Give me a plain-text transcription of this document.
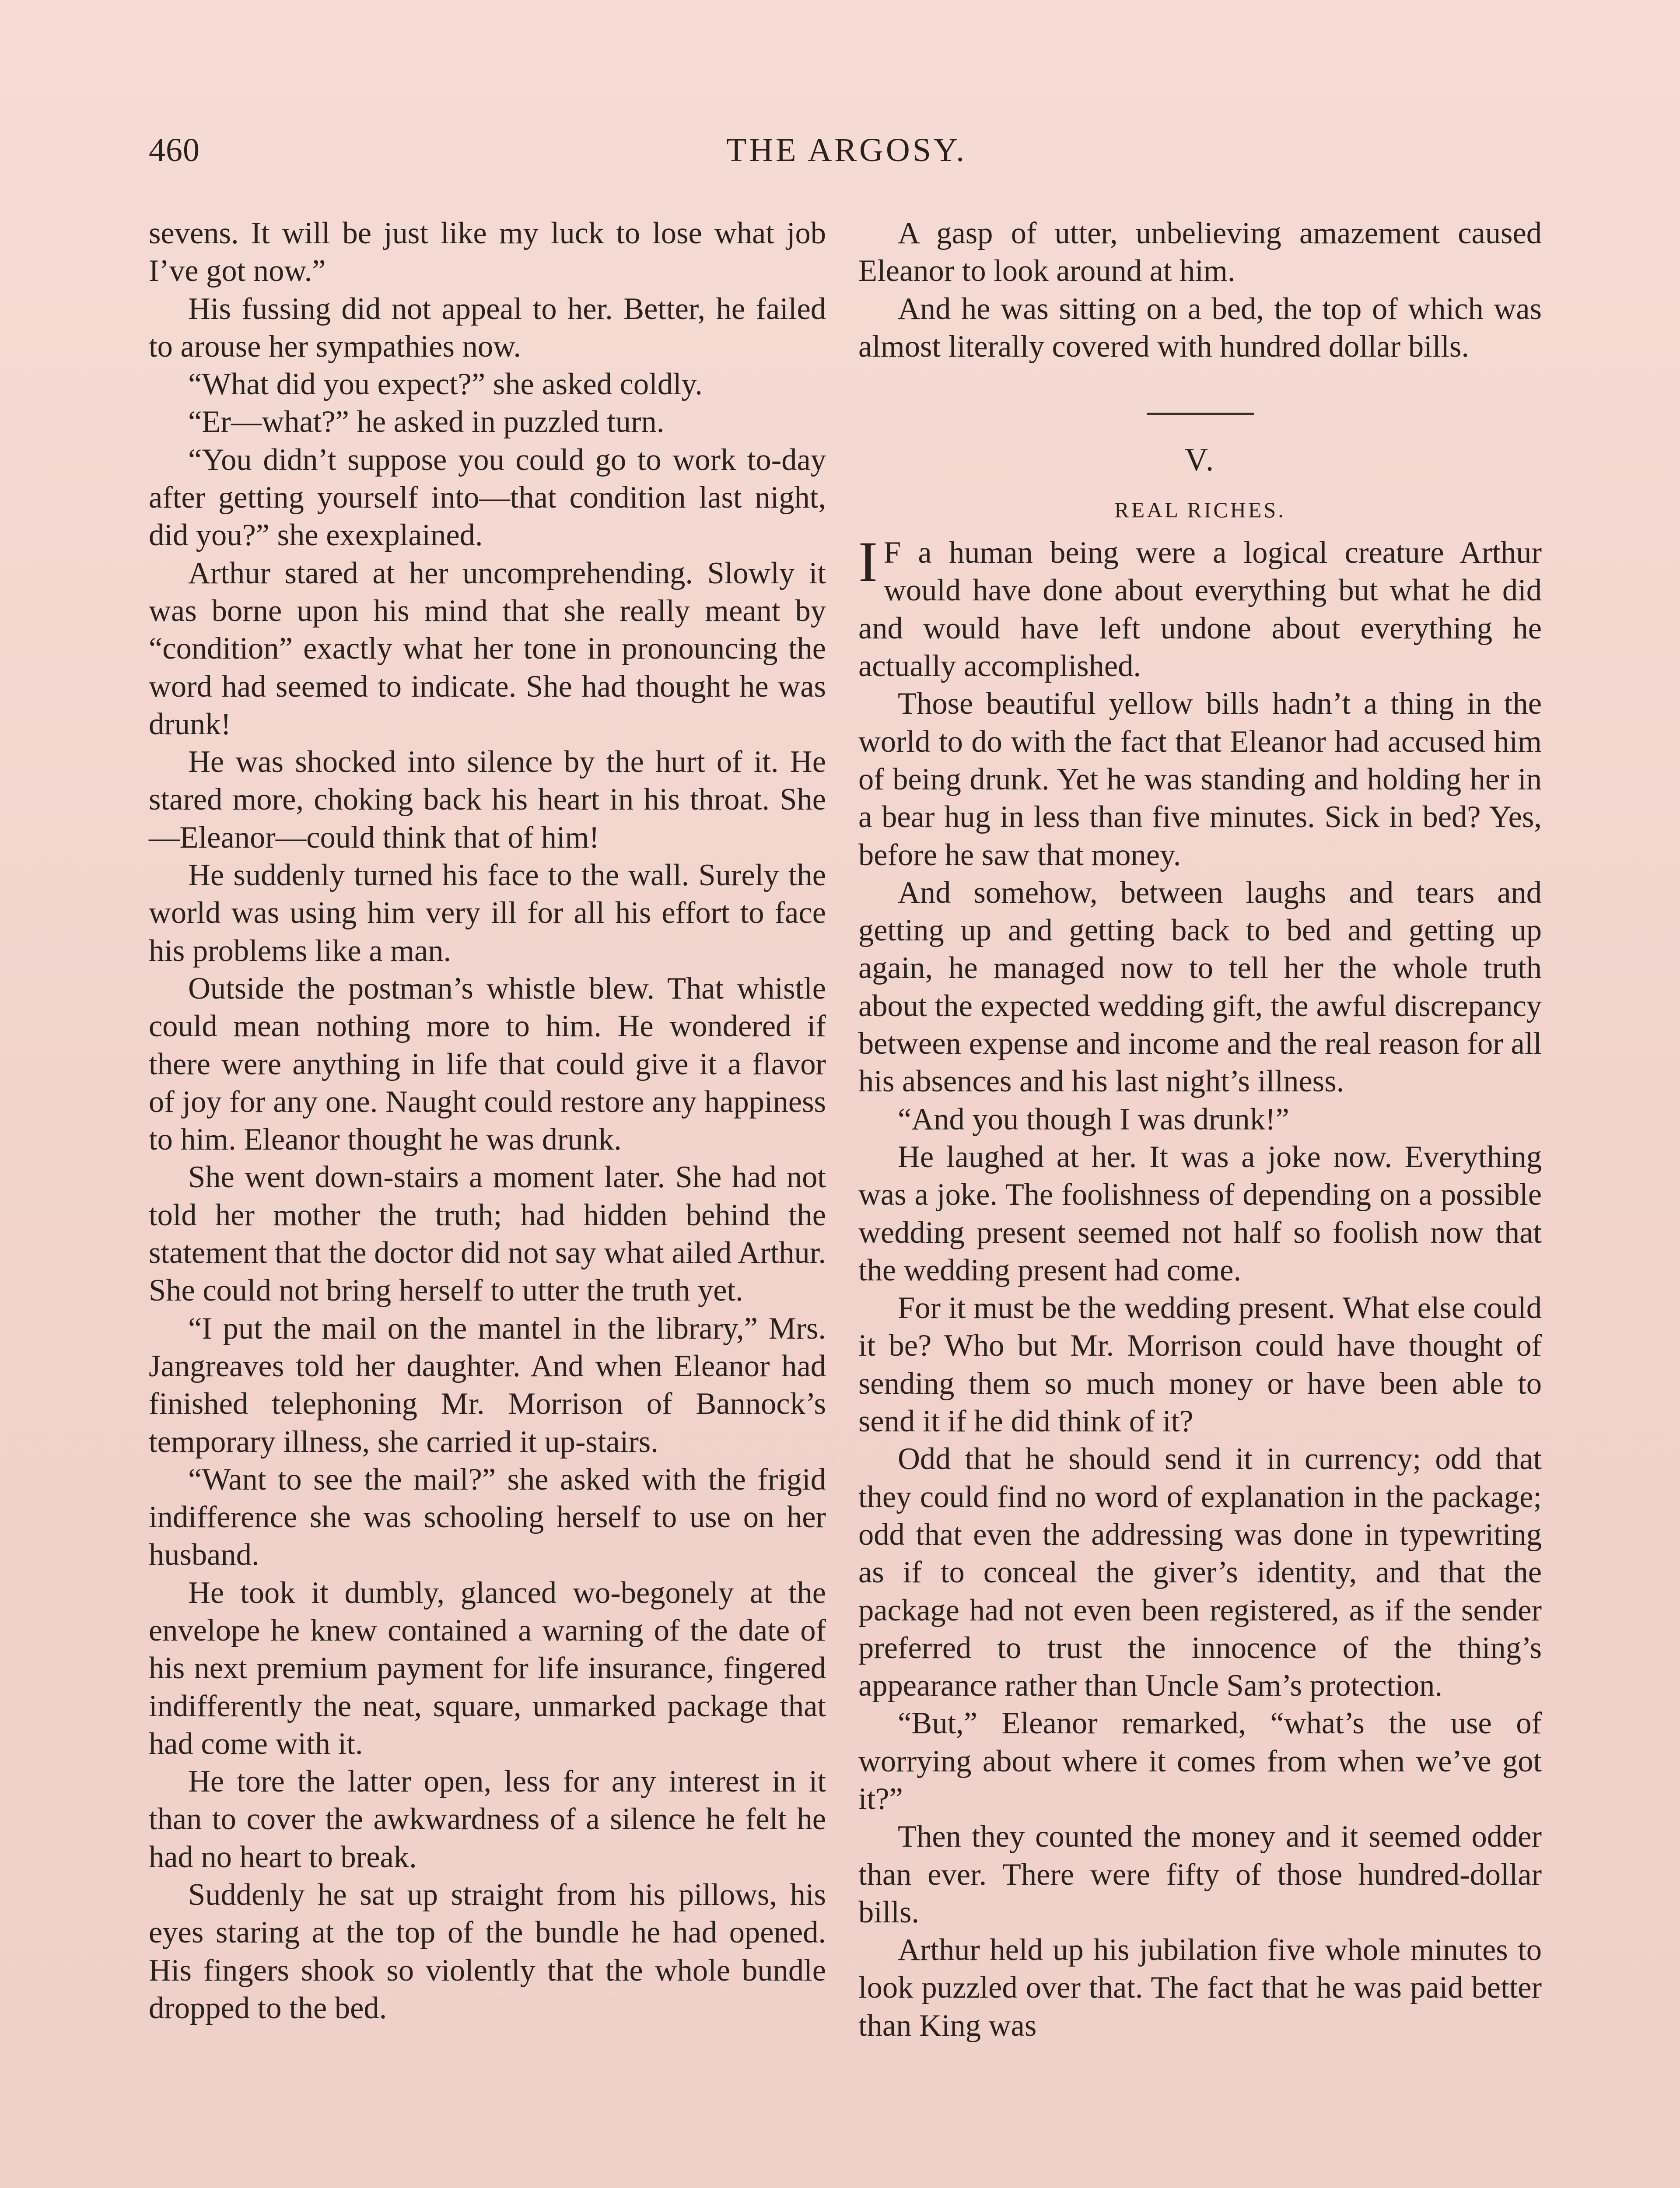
460	THE ARGOSY.

sevens. It will be just like my luck to lose what job I’ve got now.”

His fussing did not appeal to her. Better, he failed to arouse her sympathies now.

“What did you expect?” she asked coldly.

“Er—what?” he asked in puzzled turn.

“You didn’t suppose you could go to work to-day after getting yourself into—that condition last night, did you?” she exexplained.

Arthur stared at her uncomprehending. Slowly it was borne upon his mind that she really meant by “condition” exactly what her tone in pronouncing the word had seemed to indicate. She had thought he was drunk!

He was shocked into silence by the hurt of it. He stared more, choking back his heart in his throat. She—Eleanor—could think that of him!

He suddenly turned his face to the wall. Surely the world was using him very ill for all his effort to face his problems like a man.

Outside the postman’s whistle blew. That whistle could mean nothing more to him. He wondered if there were anything in life that could give it a flavor of joy for any one. Naught could restore any happiness to him. Eleanor thought he was drunk.

She went down-stairs a moment later. She had not told her mother the truth; had hidden behind the statement that the doctor did not say what ailed Arthur. She could not bring herself to utter the truth yet.

“I put the mail on the mantel in the library,” Mrs. Jangreaves told her daughter. And when Eleanor had finished telephoning Mr. Morrison of Bannock’s temporary illness, she carried it up-stairs.

“Want to see the mail?” she asked with the frigid indifference she was schooling herself to use on her husband.

He took it dumbly, glanced wo-begonely at the envelope he knew contained a warning of the date of his next premium payment for life insurance, fingered indifferently the neat, square, unmarked package that had come with it.

He tore the latter open, less for any interest in it than to cover the awkwardness of a silence he felt he had no heart to break.

Suddenly he sat up straight from his pillows, his eyes staring at the top of the bundle he had opened. His fingers shook so violently that the whole bundle dropped to the bed.

A gasp of utter, unbelieving amazement caused Eleanor to look around at him.

And he was sitting on a bed, the top of which was almost literally covered with hundred dollar bills.

V.
REAL RICHES.

I F a human being were a logical creature Arthur would have done about everything but what he did and would have left undone about everything he actually accomplished.

Those beautiful yellow bills hadn’t a thing in the world to do with the fact that Eleanor had accused him of being drunk. Yet he was standing and holding her in a bear hug in less than five minutes. Sick in bed? Yes, before he saw that money.

And somehow, between laughs and tears and getting up and getting back to bed and getting up again, he managed now to tell her the whole truth about the expected wedding gift, the awful discrepancy between expense and income and the real reason for all his absences and his last night’s illness.

“And you though I was drunk!”

He laughed at her. It was a joke now. Everything was a joke. The foolishness of depending on a possible wedding present seemed not half so foolish now that the wedding present had come.

For it must be the wedding present. What else could it be? Who but Mr. Morrison could have thought of sending them so much money or have been able to send it if he did think of it?

Odd that he should send it in currency; odd that they could find no word of explanation in the package; odd that even the addressing was done in typewriting as if to conceal the giver’s identity, and that the package had not even been registered, as if the sender preferred to trust the innocence of the thing’s appearance rather than Uncle Sam’s protection.

“But,” Eleanor remarked, “what’s the use of worrying about where it comes from when we’ve got it?”

Then they counted the money and it seemed odder than ever. There were fifty of those hundred-dollar bills.

Arthur held up his jubilation five whole minutes to look puzzled over that. The fact that he was paid better than King was
